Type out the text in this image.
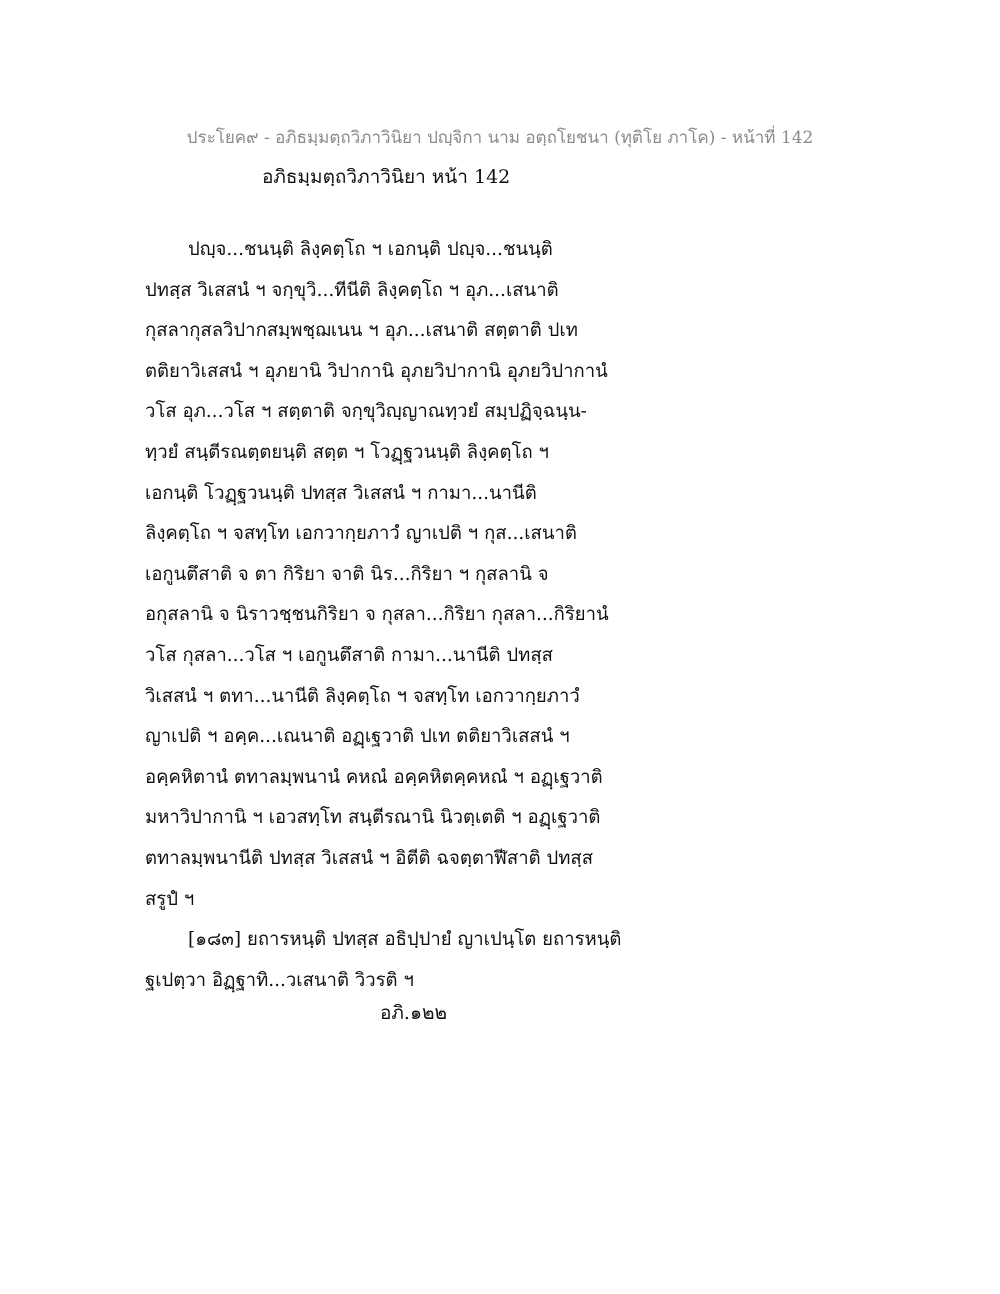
ประโยค๙ - อภิธมฺมตฺถวิภาวินิยา ปญฺจิกา นาม อตฺถโยชนา (ทุติโย ภาโค) - หน้าที่ 142
อภิธมฺมตฺถวิภาวินิยา หน้า 142
ปญฺจ...ชนนฺติ ลิงฺคตฺโถ ฯ เอกนฺติ ปญฺจ...ชนนฺติ
ปทสฺส วิเสสนํ ฯ จกฺขุวิ...ทีนีติ ลิงฺคตฺโถ ฯ อุภ...เสนาติ
กุสลากุสลวิปากสมฺพชฺฌเนน ฯ อุภ...เสนาติ สตฺตาติ ปเท
ตติยาวิเสสนํ ฯ อุภยานิ วิปากานิ อุภยวิปากานิ อุภยวิปากานํ
วโส อุภ...วโส ฯ สตฺตาติ จกฺขุวิญฺญาณทฺวยํ สมฺปฏิจฺฉนฺน-
ทฺวยํ สนฺตีรณตฺตยนฺติ สตฺต ฯ โวฏฺฐวนนฺติ ลิงฺคตฺโถ ฯ
เอกนฺติ โวฏฺฐวนนฺติ ปทสฺส วิเสสนํ ฯ กามา...นานีติ
ลิงฺคตฺโถ ฯ จสทฺโท เอกวากฺยภาวํ ญาเปติ ฯ กุส...เสนาติ
เอกูนตึสาติ จ ตา กิริยา จาติ นิร...กิริยา ฯ กุสลานิ จ
อกุสลานิ จ นิราวชฺชนกิริยา จ กุสลา...กิริยา กุสลา...กิริยานํ
วโส กุสลา...วโส ฯ เอกูนตึสาติ กามา...นานีติ ปทสฺส
วิเสสนํ ฯ ตทา...นานีติ ลิงฺคตฺโถ ฯ จสทฺโท เอกวากฺยภาวํ
ญาเปติ ฯ อคฺค...เณนาติ อฏฺเฐวาติ ปเท ตติยาวิเสสนํ ฯ
อคฺคหิตานํ ตทาลมฺพนานํ คหณํ อคฺคหิตคฺคหณํ ฯ อฏฺเฐวาติ
มหาวิปากานิ ฯ เอวสทฺโท สนฺตีรณานิ นิวตฺเตติ ฯ อฏฺเฐวาติ
ตทาลมฺพนานีติ ปทสฺส วิเสสนํ ฯ อิตีติ ฉจตฺตาฬีสาติ ปทสฺส
สรูปํ ฯ
[๑๘๓] ยถารหนฺติ ปทสฺส อธิปฺปายํ ญาเปนฺโต ยถารหนฺติ
ฐเปตฺวา อิฏฺฐาทิ...วเสนาติ วิวรติ ฯ
อภิ.๑๒๒
